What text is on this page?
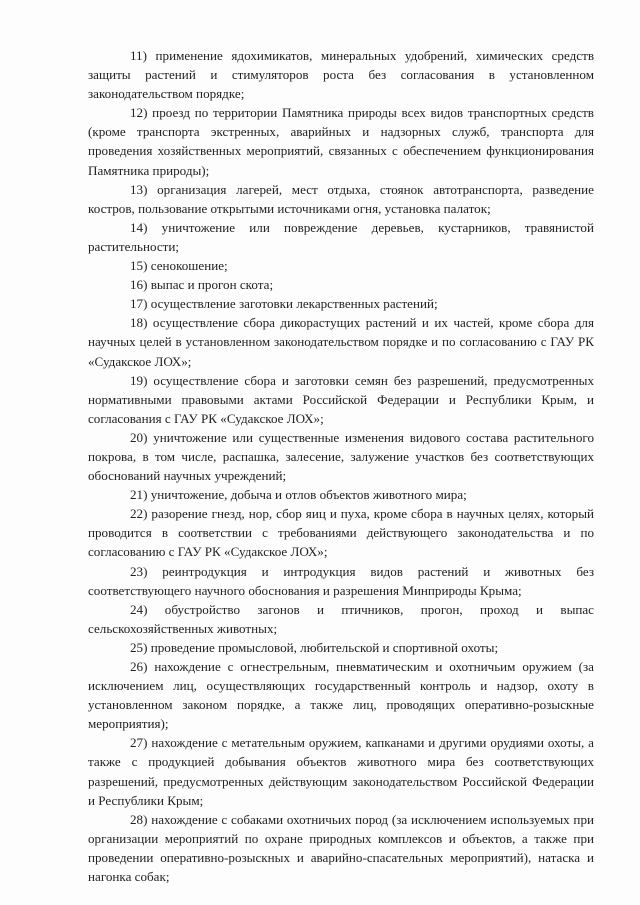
11) применение ядохимикатов, минеральных удобрений, химических средств защиты растений и стимуляторов роста без согласования в установленном законодательством порядке;

12) проезд по территории Памятника природы всех видов транспортных средств (кроме транспорта экстренных, аварийных и надзорных служб, транспорта для проведения хозяйственных мероприятий, связанных с обеспечением функционирования Памятника природы);

13) организация лагерей, мест отдыха, стоянок автотранспорта, разведение костров, пользование открытыми источниками огня, установка палаток;

14) уничтожение или повреждение деревьев, кустарников, травянистой растительности;

15) сенокошение;

16) выпас и прогон скота;

17) осуществление заготовки лекарственных растений;

18) осуществление сбора дикорастущих растений и их частей, кроме сбора для научных целей в установленном законодательством порядке и по согласованию с ГАУ РК «Судакское ЛОХ»;

19) осуществление сбора и заготовки семян без разрешений, предусмотренных нормативными правовыми актами Российской Федерации и Республики Крым, и согласования с ГАУ РК «Судакское ЛОХ»;

20) уничтожение или существенные изменения видового состава растительного покрова, в том числе, распашка, залесение, залужение участков без соответствующих обоснований научных учреждений;

21) уничтожение, добыча и отлов объектов животного мира;

22) разорение гнезд, нор, сбор яиц и пуха, кроме сбора в научных целях, который проводится в соответствии с требованиями действующего законодательства и по согласованию с ГАУ РК «Судакское ЛОХ»;

23) реинтродукция и интродукция видов растений и животных без соответствующего научного обоснования и разрешения Минприроды Крыма;

24) обустройство загонов и птичников, прогон, проход и выпас сельскохозяйственных животных;

25) проведение промысловой, любительской и спортивной охоты;

26) нахождение с огнестрельным, пневматическим и охотничьим оружием (за исключением лиц, осуществляющих государственный контроль и надзор, охоту в установленном законом порядке, а также лиц, проводящих оперативно-розыскные мероприятия);

27) нахождение с метательным оружием, капканами и другими орудиями охоты, а также с продукцией добывания объектов животного мира без соответствующих разрешений, предусмотренных действующим законодательством Российской Федерации и Республики Крым;

28) нахождение с собаками охотничьих пород (за исключением используемых при организации мероприятий по охране природных комплексов и объектов, а также при проведении оперативно-розыскных и аварийно-спасательных мероприятий), натаска и нагонка собак;
